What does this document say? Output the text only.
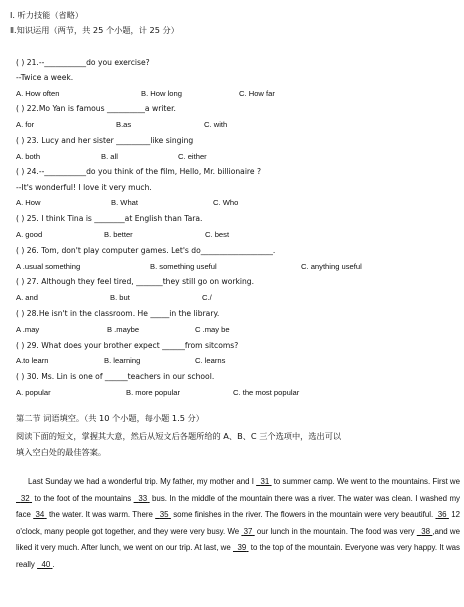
Ⅰ. 听力技能（省略）
Ⅱ.知识运用（两节，共 25 个小题，计 25 分）
( ) 21.--___________do you exercise?
--Twice a week.
A. How often	B. How long	C. How far
( ) 22.Mo Yan is famous __________a writer.
A. for	B.as	C. with
( ) 23. Lucy and her sister _________like singing
A. both	B. all	C. either
( ) 24.--___________do you think of the film, Hello, Mr. billionaire ?
--It's wonderful! I love it very much.
A. How	B. What	C. Who
( ) 25. I think Tina is ________at English than Tara.
A. good	B. better	C. best
( ) 26. Tom, don't play computer games. Let's do___________________.
A .usual something	B. something useful	C. anything useful
( ) 27. Although they feel tired, _______they still go on working.
A. and	B. but	C./
( ) 28.He isn't in the classroom. He _____in the library.
A .may	B .maybe	C .may be
( ) 29. What does your brother expect ______from sitcoms?
A.to learn	B. learning	C. learns
( ) 30. Ms. Lin is one of ______teachers in our school.
A. popular	B. more popular	C. the most popular
第二节 词语填空。（共 10 个小题，每小题 1.5 分）
阅读下面的短文，掌握其大意，然后从短文后各题所给的 A、B、C 三个选项中，选出可以
填入空白处的最佳答案。
Last Sunday we had a wonderful trip. My father, my mother and I   31  to summer camp. We went to the mountains. First we   32  to the foot of the mountains   33  bus. In the middle of the mountain there was a river. The water was clean. I washed my face  34  the water. It was warm. There   35  some finishes in the river. The flowers in the mountain were very beautiful.  36  12 o'clock, many people got together, and they were very busy. We  37  our lunch in the mountain. The food was very   38 ,and we liked it very much. After lunch, we went on our trip. At last, we   39  to the top of the mountain. Everyone was very happy. It was really   40 .
